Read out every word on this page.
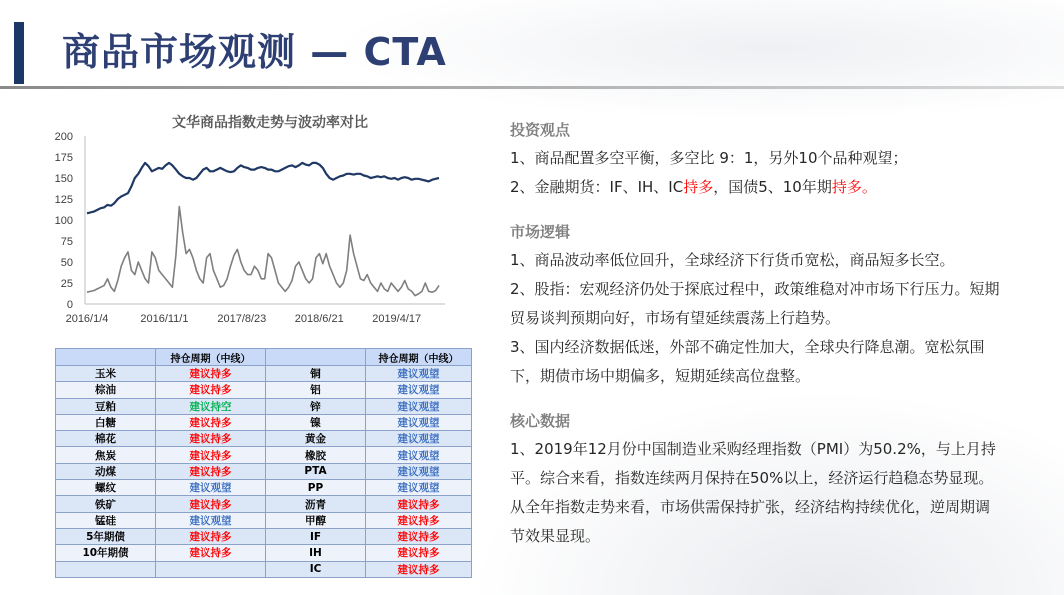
商品市场观测 — CTA
文华商品指数走势与波动率对比
0
25
50
75
100
125
150
175
200
2016/1/4	2016/11/1	2017/8/23	2018/6/21	2019/4/17
	持仓周期（中线）		持仓周期（中线）
玉米	建议持多	铜	建议观望
棕油	建议持多	铝	建议观望
豆粕	建议持空	锌	建议观望
白糖	建议持多	镍	建议观望
棉花	建议持多	黄金	建议观望
焦炭	建议持多	橡胶	建议观望
动煤	建议持多	PTA	建议观望
螺纹	建议观望	PP	建议观望
铁矿	建议持多	沥青	建议持多
锰硅	建议观望	甲醇	建议持多
5年期债	建议持多	IF	建议持多
10年期债	建议持多	IH	建议持多
		IC	建议持多
投资观点
1、商品配置多空平衡，多空比 9：1，另外10个品种观望；
2、金融期货：IF、IH、IC持多，国债5、10年期持多。
市场逻辑
1、商品波动率低位回升，全球经济下行货币宽松，商品短多长空。
2、股指：宏观经济仍处于探底过程中，政策维稳对冲市场下行压力。短期贸易谈判预期向好，市场有望延续震荡上行趋势。
3、国内经济数据低迷，外部不确定性加大，全球央行降息潮。宽松氛围下，期债市场中期偏多，短期延续高位盘整。
核心数据
1、2019年12月份中国制造业采购经理指数（PMI）为50.2%，与上月持平。综合来看，指数连续两月保持在50%以上，经济运行趋稳态势显现。从全年指数走势来看，市场供需保持扩张，经济结构持续优化，逆周期调节效果显现。
